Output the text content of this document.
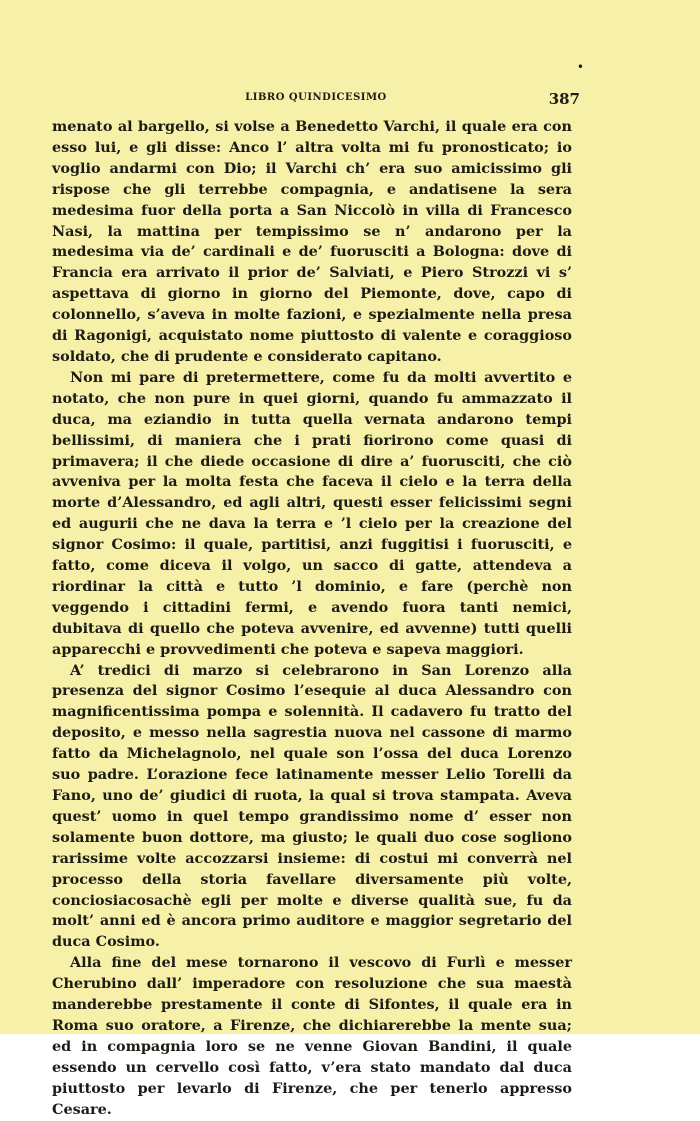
•
LIBRO QUINDICESIMO	387

menato al bargello, si volse a Benedetto Varchi, il quale era con esso lui, e gli disse: Anco l’ altra volta mi fu pronosticato; io voglio andarmi con Dio; il Varchi ch’ era suo amicissimo gli rispose che gli terrebbe compagnia, e andatisene la sera medesima fuor della porta a San Niccolò in villa di Francesco Nasi, la mattina per tempissimo se n’ andarono per la medesima via de’ cardinali e de’ fuorusciti a Bologna: dove di Francia era arrivato il prior de’ Salviati, e Piero Strozzi vi s’ aspettava di giorno in giorno del Piemonte, dove, capo di colonnello, s’aveva in molte fazioni, e spezialmente nella presa di Ragonigi, acquistato nome piuttosto di valente e coraggioso soldato, che di prudente e considerato capitano.

Non mi pare di pretermettere, come fu da molti avvertito e notato, che non pure in quei giorni, quando fu ammazzato il duca, ma eziandio in tutta quella vernata andarono tempi bellissimi, di maniera che i prati fiorirono come quasi di primavera; il che diede occasione di dire a’ fuorusciti, che ciò avveniva per la molta festa che faceva il cielo e la terra della morte d’Alessandro, ed agli altri, questi esser felicissimi segni ed augurii che ne dava la terra e ’l cielo per la creazione del signor Cosimo: il quale, partitisi, anzi fuggitisi i fuorusciti, e fatto, come diceva il volgo, un sacco di gatte, attendeva a riordinar la città e tutto ’l dominio, e fare (perchè non veggendo i cittadini fermi, e avendo fuora tanti nemici, dubitava di quello che poteva avvenire, ed avvenne) tutti quelli apparecchi e provvedimenti che poteva e sapeva maggiori.

A’ tredici di marzo si celebrarono in San Lorenzo alla presenza del signor Cosimo l’esequie al duca Alessandro con magnificentissima pompa e solennità. Il cadavero fu tratto del deposito, e messo nella sagrestia nuova nel cassone di marmo fatto da Michelagnolo, nel quale son l’ossa del duca Lorenzo suo padre. L’orazione fece latinamente messer Lelio Torelli da Fano, uno de’ giudici di ruota, la qual si trova stampata. Aveva quest’ uomo in quel tempo grandissimo nome d’ esser non solamente buon dottore, ma giusto; le quali duo cose sogliono rarissime volte accozzarsi insieme: di costui mi converrà nel processo della storia favellare diversamente più volte, conciosiacosachè egli per molte e diverse qualità sue, fu da molt’ anni ed è ancora primo auditore e maggior segretario del duca Cosimo.

Alla fine del mese tornarono il vescovo di Furlì e messer Cherubino dall’ imperadore con resoluzione che sua maestà manderebbe prestamente il conte di Sifontes, il quale era in Roma suo oratore, a Firenze, che dichiarerebbe la mente sua; ed in compagnia loro se ne venne Giovan Bandini, il quale essendo un cervello così fatto, v’era stato mandato dal duca piuttosto per levarlo di Firenze, che per tenerlo appresso Cesare.
